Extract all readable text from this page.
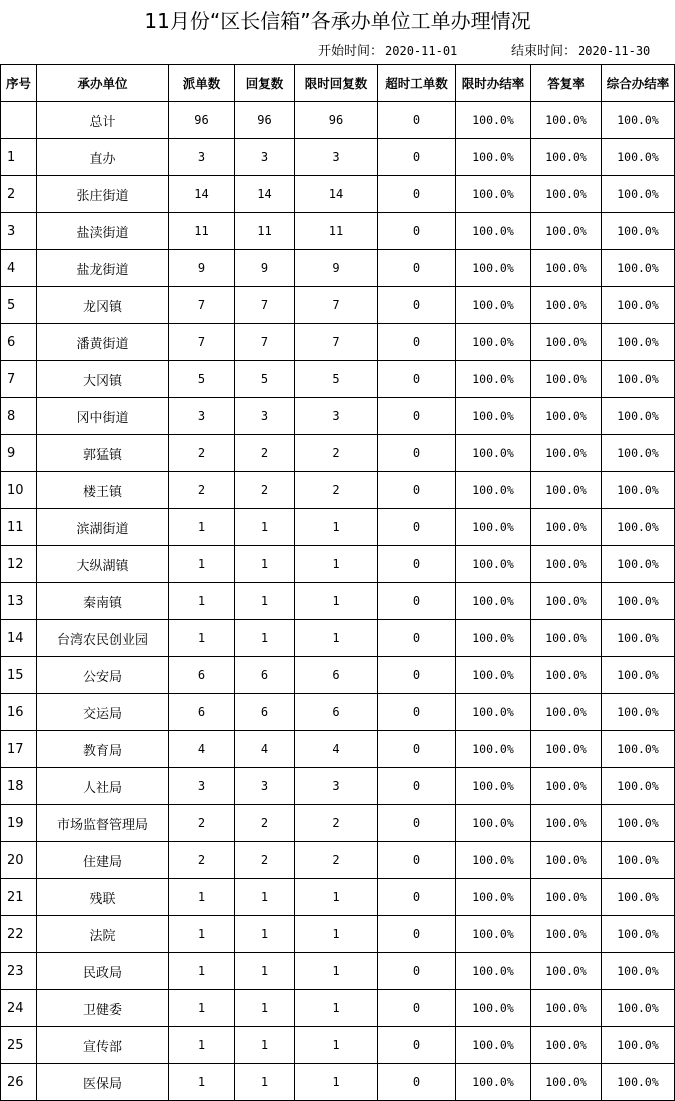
11月份“区长信箱”各承办单位工单办理情况
开始时间： 2020-11-01	结束时间： 2020-11-30
序号	承办单位	派单数	回复数	限时回复数	超时工单数	限时办结率	答复率	综合办结率
	总计	96	96	96	0	100.0%	100.0%	100.0%
1	直办	3	3	3	0	100.0%	100.0%	100.0%
2	张庄街道	14	14	14	0	100.0%	100.0%	100.0%
3	盐渎街道	11	11	11	0	100.0%	100.0%	100.0%
4	盐龙街道	9	9	9	0	100.0%	100.0%	100.0%
5	龙冈镇	7	7	7	0	100.0%	100.0%	100.0%
6	潘黄街道	7	7	7	0	100.0%	100.0%	100.0%
7	大冈镇	5	5	5	0	100.0%	100.0%	100.0%
8	冈中街道	3	3	3	0	100.0%	100.0%	100.0%
9	郭猛镇	2	2	2	0	100.0%	100.0%	100.0%
10	楼王镇	2	2	2	0	100.0%	100.0%	100.0%
11	滨湖街道	1	1	1	0	100.0%	100.0%	100.0%
12	大纵湖镇	1	1	1	0	100.0%	100.0%	100.0%
13	秦南镇	1	1	1	0	100.0%	100.0%	100.0%
14	台湾农民创业园	1	1	1	0	100.0%	100.0%	100.0%
15	公安局	6	6	6	0	100.0%	100.0%	100.0%
16	交运局	6	6	6	0	100.0%	100.0%	100.0%
17	教育局	4	4	4	0	100.0%	100.0%	100.0%
18	人社局	3	3	3	0	100.0%	100.0%	100.0%
19	市场监督管理局	2	2	2	0	100.0%	100.0%	100.0%
20	住建局	2	2	2	0	100.0%	100.0%	100.0%
21	残联	1	1	1	0	100.0%	100.0%	100.0%
22	法院	1	1	1	0	100.0%	100.0%	100.0%
23	民政局	1	1	1	0	100.0%	100.0%	100.0%
24	卫健委	1	1	1	0	100.0%	100.0%	100.0%
25	宣传部	1	1	1	0	100.0%	100.0%	100.0%
26	医保局	1	1	1	0	100.0%	100.0%	100.0%
